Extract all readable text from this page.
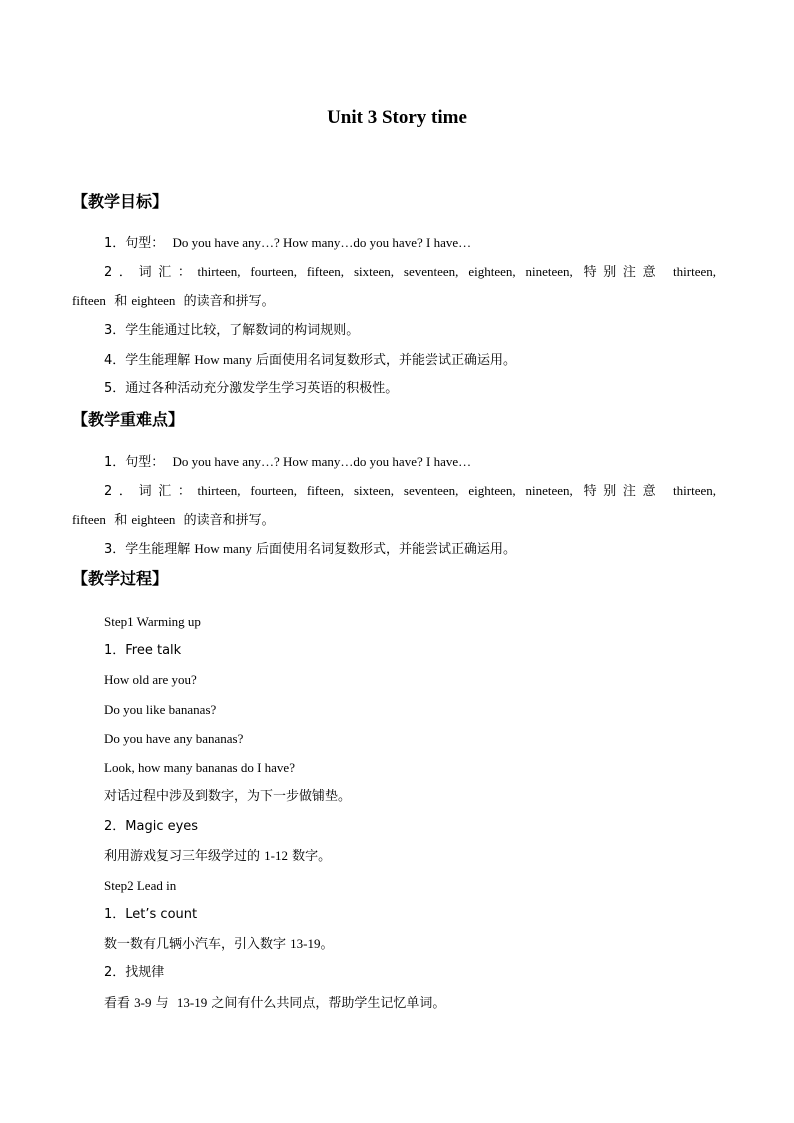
Unit 3 Story time
【教学目标】
1．句型： Do you have any…? How many…do you have? I have…
2．词汇：thirteen, fourteen, fifteen, sixteen, seventeen, eighteen, nineteen, 特别注意 thirteen,
fifteen 和 eighteen 的读音和拼写。
3．学生能通过比较，了解数词的构词规则。
4．学生能理解 How many 后面使用名词复数形式，并能尝试正确运用。
5．通过各种活动充分激发学生学习英语的积极性。
【教学重难点】
1．句型： Do you have any…? How many…do you have? I have…
2．词汇：thirteen, fourteen, fifteen, sixteen, seventeen, eighteen, nineteen, 特别注意 thirteen,
fifteen 和 eighteen 的读音和拼写。
3．学生能理解 How many 后面使用名词复数形式，并能尝试正确运用。
【教学过程】
Step1 Warming up
1．Free talk
How old are you?
Do you like bananas?
Do you have any bananas?
Look, how many bananas do I have?
对话过程中涉及到数字，为下一步做铺垫。
2．Magic eyes
利用游戏复习三年级学过的 1-12 数字。
Step2 Lead in
1．Let’s count
数一数有几辆小汽车，引入数字 13-19。
2．找规律
看看 3-9 与 13-19 之间有什么共同点，帮助学生记忆单词。
